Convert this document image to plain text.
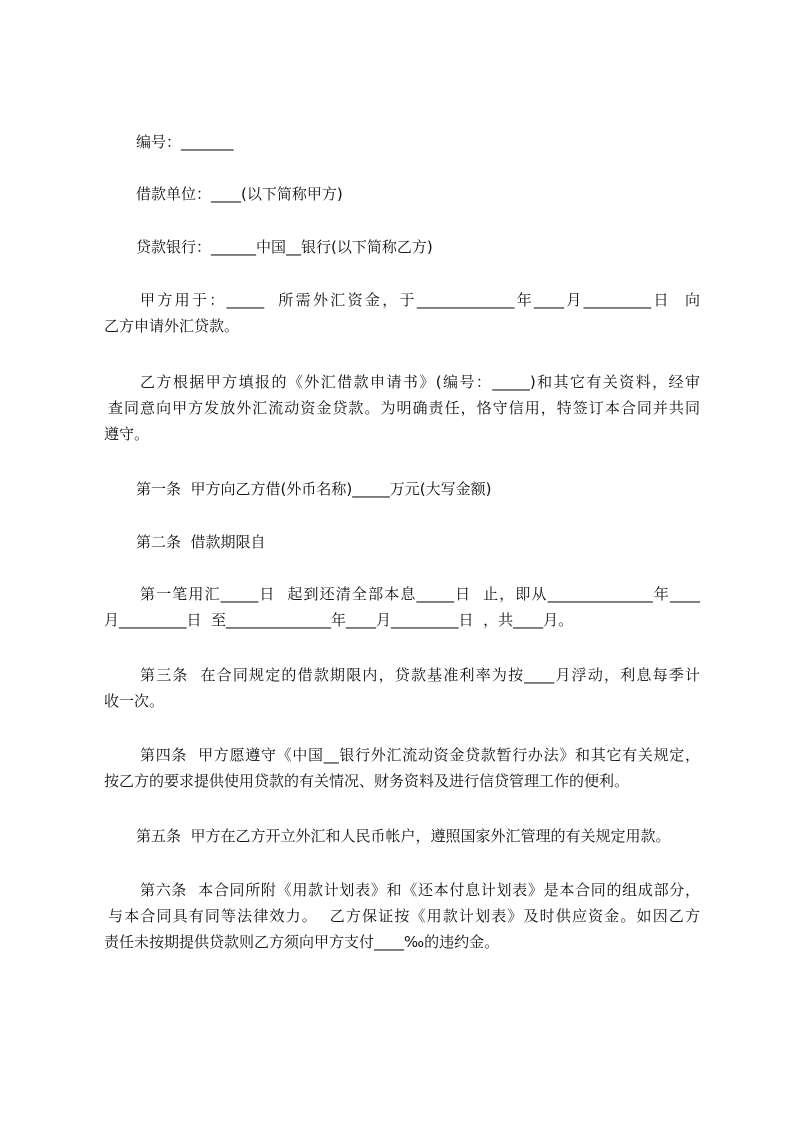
编号：_______

借款单位：____(以下简称甲方)

贷款银行：______中国__银行(以下简称乙方)

甲方用于：_____  所需外汇资金，于_____________年____月_________日  向

乙方申请外汇贷款。

乙方根据甲方填报的《外汇借款申请书》(编号：_____)和其它有关资料，经审

查同意向甲方发放外汇流动资金贷款。为明确责任，恪守信用，特签订本合同并共同

遵守。

第一条  甲方向乙方借(外币名称)_____万元(大写金额)

第二条  借款期限自

第一笔用汇_____日  起到还清全部本息_____日  止，即从______________年____

月_________日  至______________年____月_________日  ，共____月。

第三条  在合同规定的借款期限内，贷款基准利率为按____月浮动，利息每季计

收一次。

第四条  甲方愿遵守《中国__银行外汇流动资金贷款暂行办法》和其它有关规定，

按乙方的要求提供使用贷款的有关情况、财务资料及进行信贷管理工作的便利。

第五条  甲方在乙方开立外汇和人民币帐户，遵照国家外汇管理的有关规定用款。

第六条  本合同所附《用款计划表》和《还本付息计划表》是本合同的组成部分，

与本合同具有同等法律效力。  乙方保证按《用款计划表》及时供应资金。如因乙方

责任未按期提供贷款则乙方须向甲方支付____‰的违约金。
